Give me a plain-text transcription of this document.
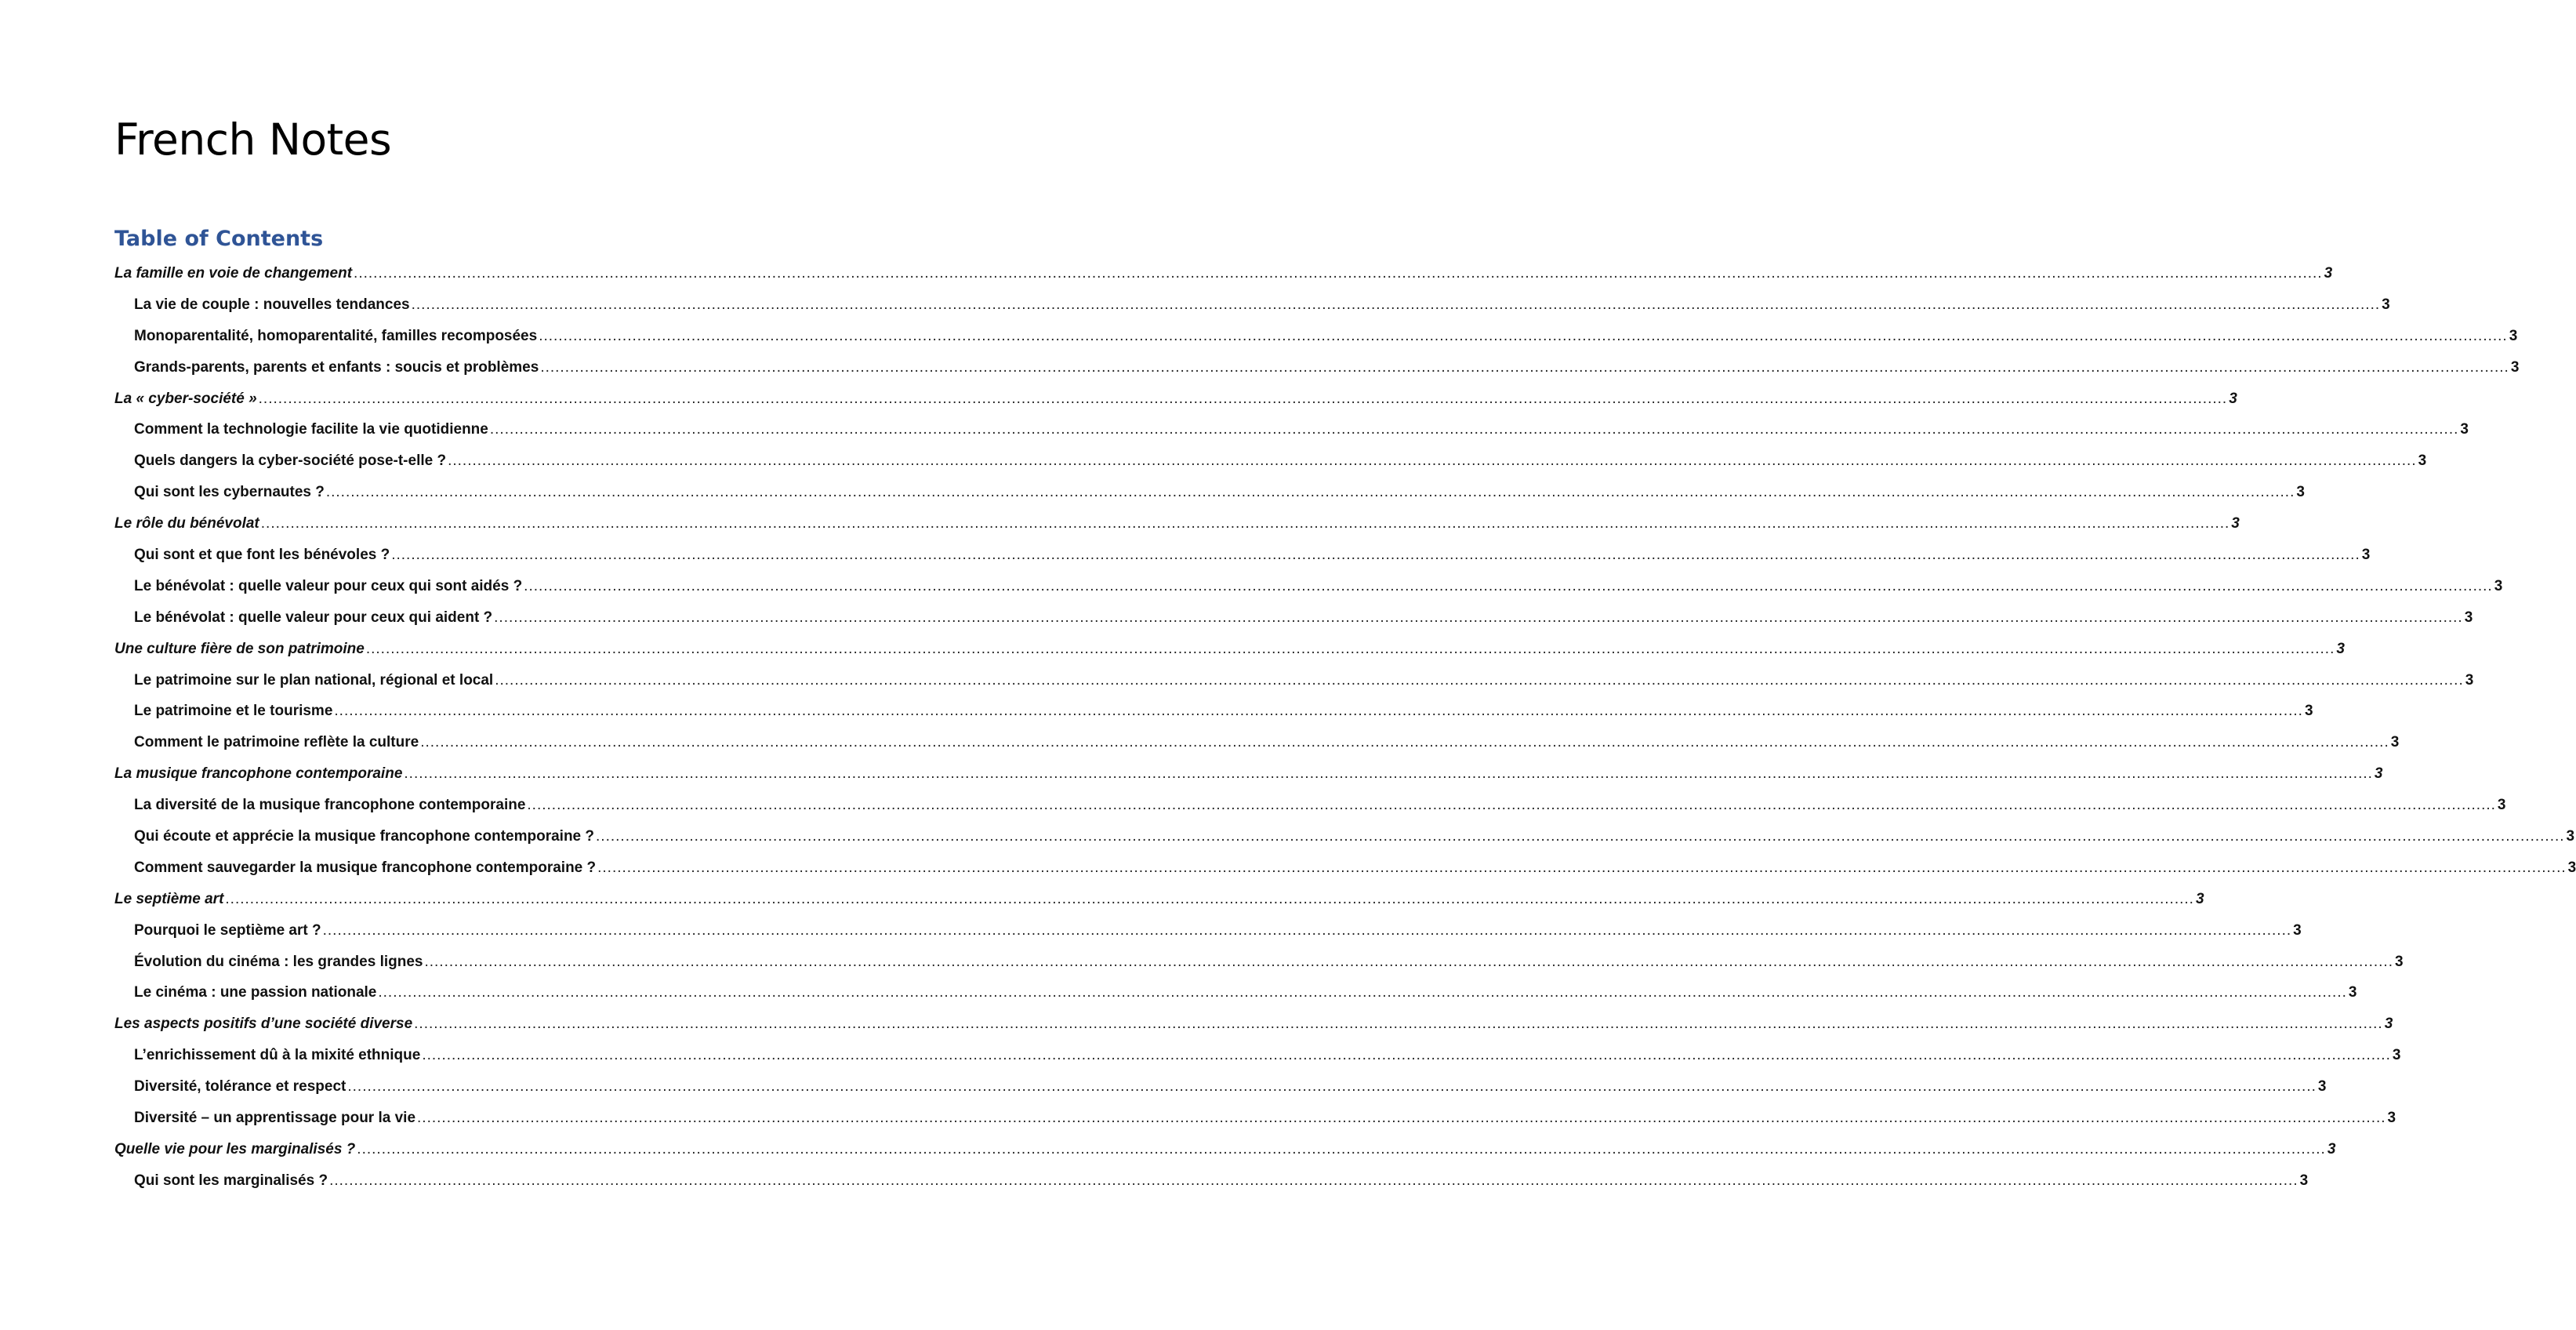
French Notes
Table of Contents
La famille en voie de changement ................................................................................................................................................................................................................................................................................................................................................................................................................ 3
La vie de couple : nouvelles tendances ................................................................................................................................................................................................................................................................................................................................................................................................................ 3
Monoparentalité, homoparentalité, familles recomposées ................................................................................................................................................................................................................................................................................................................................................................................................................ 3
Grands-parents, parents et enfants : soucis et problèmes ................................................................................................................................................................................................................................................................................................................................................................................................................ 3
La « cyber-société » ................................................................................................................................................................................................................................................................................................................................................................................................................ 3
Comment la technologie facilite la vie quotidienne ................................................................................................................................................................................................................................................................................................................................................................................................................ 3
Quels dangers la cyber-société pose-t-elle ? ................................................................................................................................................................................................................................................................................................................................................................................................................ 3
Qui sont les cybernautes ? ................................................................................................................................................................................................................................................................................................................................................................................................................ 3
Le rôle du bénévolat ................................................................................................................................................................................................................................................................................................................................................................................................................ 3
Qui sont et que font les bénévoles ? ................................................................................................................................................................................................................................................................................................................................................................................................................ 3
Le bénévolat : quelle valeur pour ceux qui sont aidés ? ................................................................................................................................................................................................................................................................................................................................................................................................................ 3
Le bénévolat : quelle valeur pour ceux qui aident ? ................................................................................................................................................................................................................................................................................................................................................................................................................ 3
Une culture fière de son patrimoine ................................................................................................................................................................................................................................................................................................................................................................................................................ 3
Le patrimoine sur le plan national, régional et local ................................................................................................................................................................................................................................................................................................................................................................................................................ 3
Le patrimoine et le tourisme ................................................................................................................................................................................................................................................................................................................................................................................................................ 3
Comment le patrimoine reflète la culture ................................................................................................................................................................................................................................................................................................................................................................................................................ 3
La musique francophone contemporaine ................................................................................................................................................................................................................................................................................................................................................................................................................ 3
La diversité de la musique francophone contemporaine ................................................................................................................................................................................................................................................................................................................................................................................................................ 3
Qui écoute et apprécie la musique francophone contemporaine ? ................................................................................................................................................................................................................................................................................................................................................................................................................ 3
Comment sauvegarder la musique francophone contemporaine ? ................................................................................................................................................................................................................................................................................................................................................................................................................ 3
Le septième art ................................................................................................................................................................................................................................................................................................................................................................................................................ 3
Pourquoi le septième art ? ................................................................................................................................................................................................................................................................................................................................................................................................................ 3
Évolution du cinéma : les grandes lignes ................................................................................................................................................................................................................................................................................................................................................................................................................ 3
Le cinéma : une passion nationale ................................................................................................................................................................................................................................................................................................................................................................................................................ 3
Les aspects positifs d’une société diverse ................................................................................................................................................................................................................................................................................................................................................................................................................ 3
L’enrichissement dû à la mixité ethnique ................................................................................................................................................................................................................................................................................................................................................................................................................ 3
Diversité, tolérance et respect ................................................................................................................................................................................................................................................................................................................................................................................................................ 3
Diversité – un apprentissage pour la vie ................................................................................................................................................................................................................................................................................................................................................................................................................ 3
Quelle vie pour les marginalisés ? ................................................................................................................................................................................................................................................................................................................................................................................................................ 3
Qui sont les marginalisés ? ................................................................................................................................................................................................................................................................................................................................................................................................................ 3
